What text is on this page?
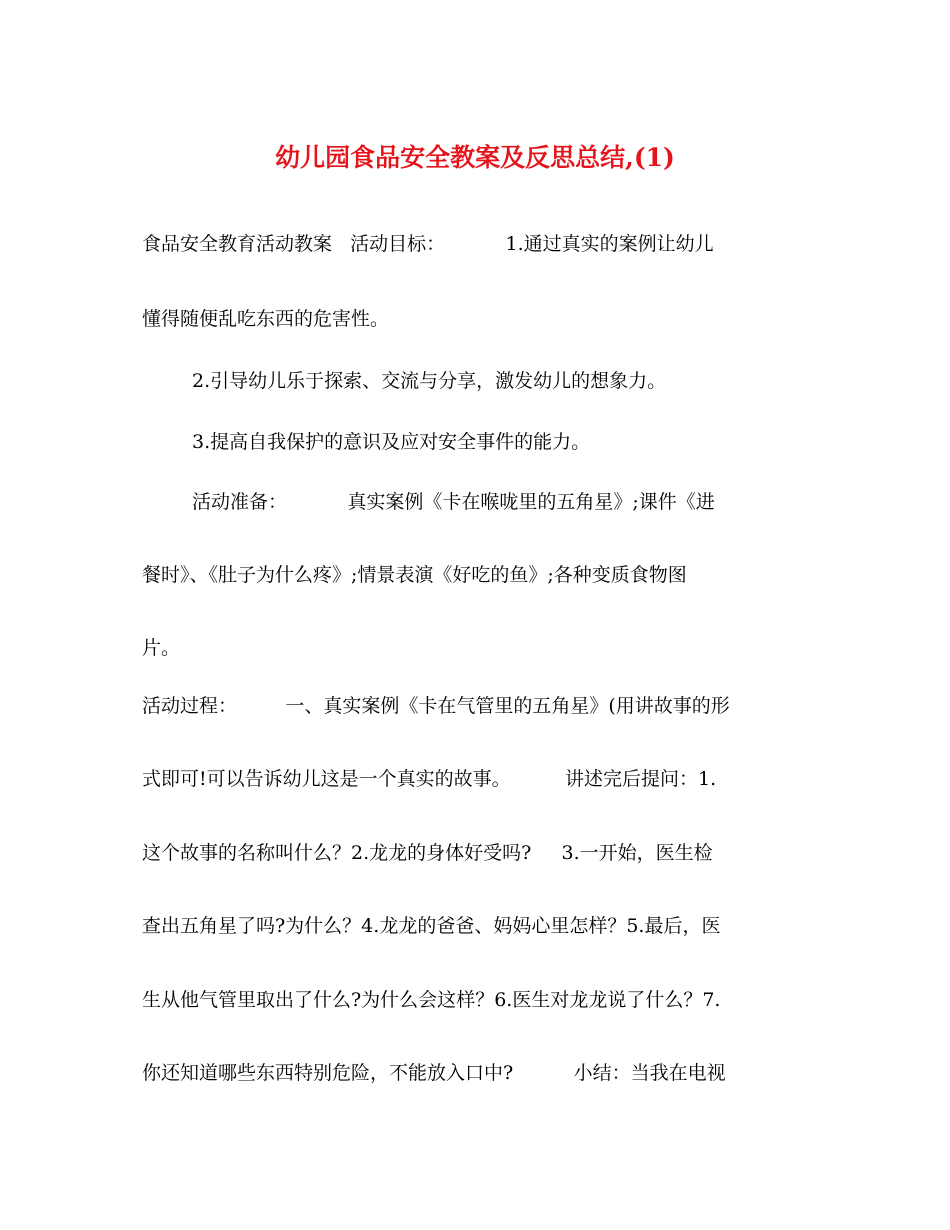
幼儿园食品安全教案及反思总结,(1)
食品安全教育活动教案   活动目标：          1.通过真实的案例让幼儿
懂得随便乱吃东西的危害性。
2.引导幼儿乐于探索、交流与分享，激发幼儿的想象力。
3.提高自我保护的意识及应对安全事件的能力。
活动准备：          真实案例《卡在喉咙里的五角星》;课件《进
餐时》、《肚子为什么疼》;情景表演《好吃的鱼》;各种变质食物图
片。
活动过程：        一、真实案例《卡在气管里的五角星》(用讲故事的形
式即可!可以告诉幼儿这是一个真实的故事。         讲述完后提问：1.
这个故事的名称叫什么？2.龙龙的身体好受吗?     3.一开始，医生检
查出五角星了吗?为什么？4.龙龙的爸爸、妈妈心里怎样？5.最后，医
生从他气管里取出了什么?为什么会这样？6.医生对龙龙说了什么？7.
你还知道哪些东西特别危险，不能放入口中?          小结：当我在电视
